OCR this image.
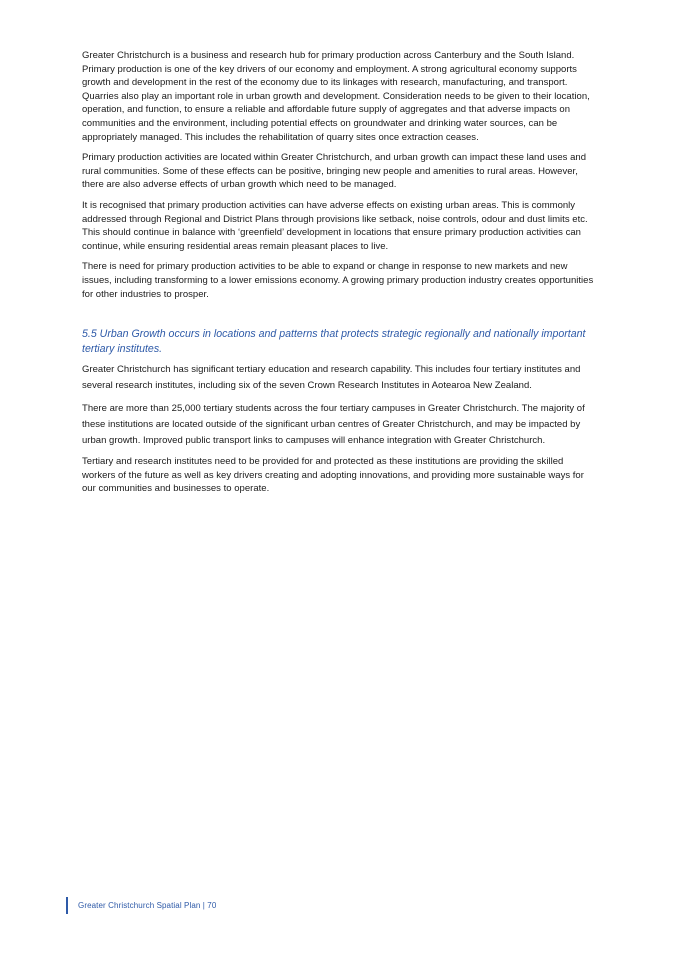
Greater Christchurch is a business and research hub for primary production across Canterbury and the South Island. Primary production is one of the key drivers of our economy and employment. A strong agricultural economy supports growth and development in the rest of the economy due to its linkages with research, manufacturing, and transport. Quarries also play an important role in urban growth and development. Consideration needs to be given to their location, operation, and function, to ensure a reliable and affordable future supply of aggregates and that adverse impacts on communities and the environment, including potential effects on groundwater and drinking water sources, can be appropriately managed. This includes the rehabilitation of quarry sites once extraction ceases.

Primary production activities are located within Greater Christchurch, and urban growth can impact these land uses and rural communities. Some of these effects can be positive, bringing new people and amenities to rural areas. However, there are also adverse effects of urban growth which need to be managed.

It is recognised that primary production activities can have adverse effects on existing urban areas. This is commonly addressed through Regional and District Plans through provisions like setback, noise controls, odour and dust limits etc. This should continue in balance with ‘greenfield’ development in locations that ensure primary production activities can continue, while ensuring residential areas remain pleasant places to live.

There is need for primary production activities to be able to expand or change in response to new markets and new issues, including transforming to a lower emissions economy. A growing primary production industry creates opportunities for other industries to prosper.

5.5 Urban Growth occurs in locations and patterns that protects strategic regionally and nationally important tertiary institutes.

Greater Christchurch has significant tertiary education and research capability. This includes four tertiary institutes and several research institutes, including six of the seven Crown Research Institutes in Aotearoa New Zealand.

There are more than 25,000 tertiary students across the four tertiary campuses in Greater Christchurch. The majority of these institutions are located outside of the significant urban centres of Greater Christchurch, and may be impacted by urban growth. Improved public transport links to campuses will enhance integration with Greater Christchurch.

Tertiary and research institutes need to be provided for and protected as these institutions are providing the skilled workers of the future as well as key drivers creating and adopting innovations, and providing more sustainable ways for our communities and businesses to operate.

Greater Christchurch Spatial Plan | 70
